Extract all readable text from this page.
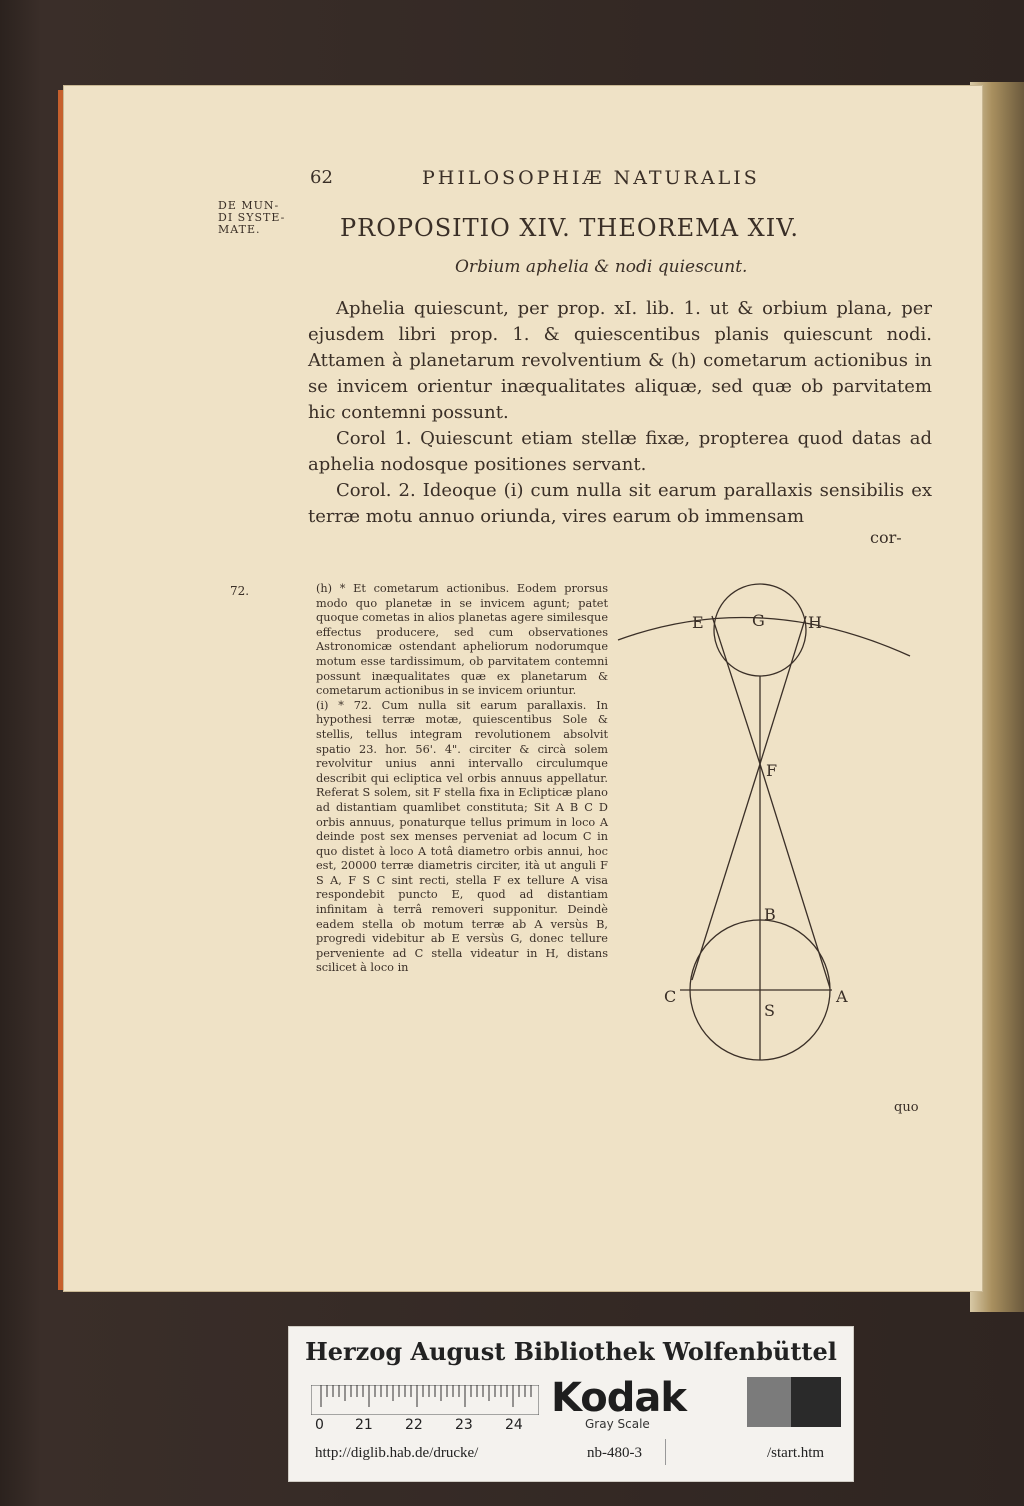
62	PHILOSOPHIÆ NATURALIS
DE MUN-
DI SYSTE-
MATE.	PROPOSITIO XIV. THEOREMA XIV.
Orbium aphelia & nodi quiescunt.

Aphelia quiescunt, per prop. xI. lib. 1. ut & orbium plana, per ejusdem libri prop. 1. & quiescentibus planis quiescunt nodi. Attamen à planetarum revolventium & (h) cometarum actionibus in se invicem orientur inæqualitates aliquæ, sed quæ ob parvitatem hic contemni possunt.

Corol 1. Quiescunt etiam stellæ fixæ, propterea quod datas ad aphelia nodosque positiones servant.

Corol. 2. Ideoque (i) cum nulla sit earum parallaxis sensibilis ex terræ motu annuo oriunda, vires earum ob immensam

cor-
72.	(h) * Et cometarum actionibus. Eodem prorsus modo quo planetæ in se invicem agunt; patet quoque cometas in alios planetas agere similesque effectus producere, sed cum observationes Astronomicæ ostendant apheliorum nodorumque motum esse tardissimum, ob parvitatem contemni possunt inæqualitates quæ ex planetarum & cometarum actionibus in se invicem oriuntur.

(i) * 72. Cum nulla sit earum parallaxis. In hypothesi terræ motæ, quiescentibus Sole & stellis, tellus integram revolutionem absolvit spatio 23. hor. 56'. 4". circiter & circà solem revolvitur unius anni intervallo circulumque describit qui ecliptica vel orbis annuus appellatur. Referat S solem, sit F stella fixa in Eclipticæ plano ad distantiam quamlibet constituta; Sit A B C D orbis annuus, ponaturque tellus primum in loco A deinde post sex menses perveniat ad locum C in quo distet à loco A totâ diametro orbis annui, hoc est, 20000 terræ diametris circiter, ità ut anguli F S A, F S C sint recti, stella F ex tellure A visa respondebit puncto E, quod ad distantiam infinitam à terrâ removeri supponitur. Deindè eadem stella ob motum terræ ab A versùs B, progredi videbitur ab E versùs G, donec tellure perveniente ad C stella videatur in H, distans scilicet à loco in

E	G	H
F
B
C
S
A
quo
Herzog August Bibliothek Wolfenbüttel
0 21 22 23 24
Kodak
Gray Scale
http://diglib.hab.de/drucke/	nb-480-3	/start.htm
